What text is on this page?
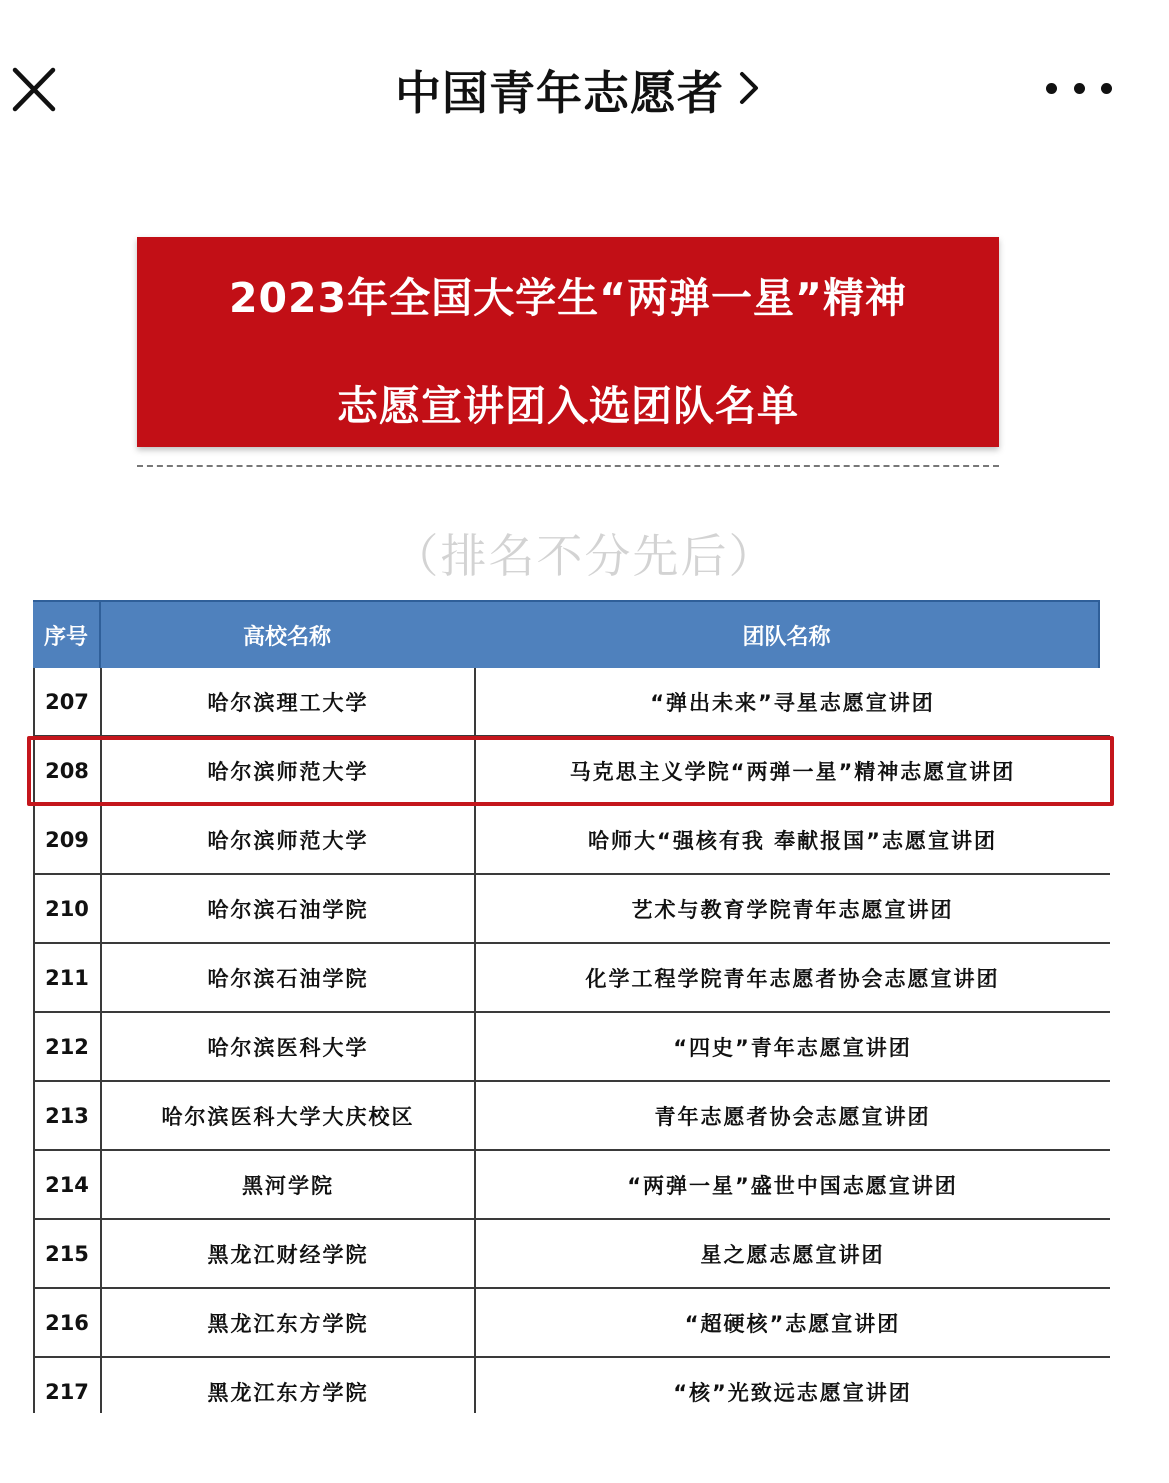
中国青年志愿者
2023年全国大学生“两弹一星”精神
志愿宣讲团入选团队名单
（排名不分先后）
序号	高校名称	团队名称
207	哈尔滨理工大学	“弹出未来”寻星志愿宣讲团
208	哈尔滨师范大学	马克思主义学院“两弹一星”精神志愿宣讲团
209	哈尔滨师范大学	哈师大“强核有我 奉献报国”志愿宣讲团
210	哈尔滨石油学院	艺术与教育学院青年志愿宣讲团
211	哈尔滨石油学院	化学工程学院青年志愿者协会志愿宣讲团
212	哈尔滨医科大学	“四史”青年志愿宣讲团
213	哈尔滨医科大学大庆校区	青年志愿者协会志愿宣讲团
214	黑河学院	“两弹一星”盛世中国志愿宣讲团
215	黑龙江财经学院	星之愿志愿宣讲团
216	黑龙江东方学院	“超硬核”志愿宣讲团
217	黑龙江东方学院	“核”光致远志愿宣讲团
